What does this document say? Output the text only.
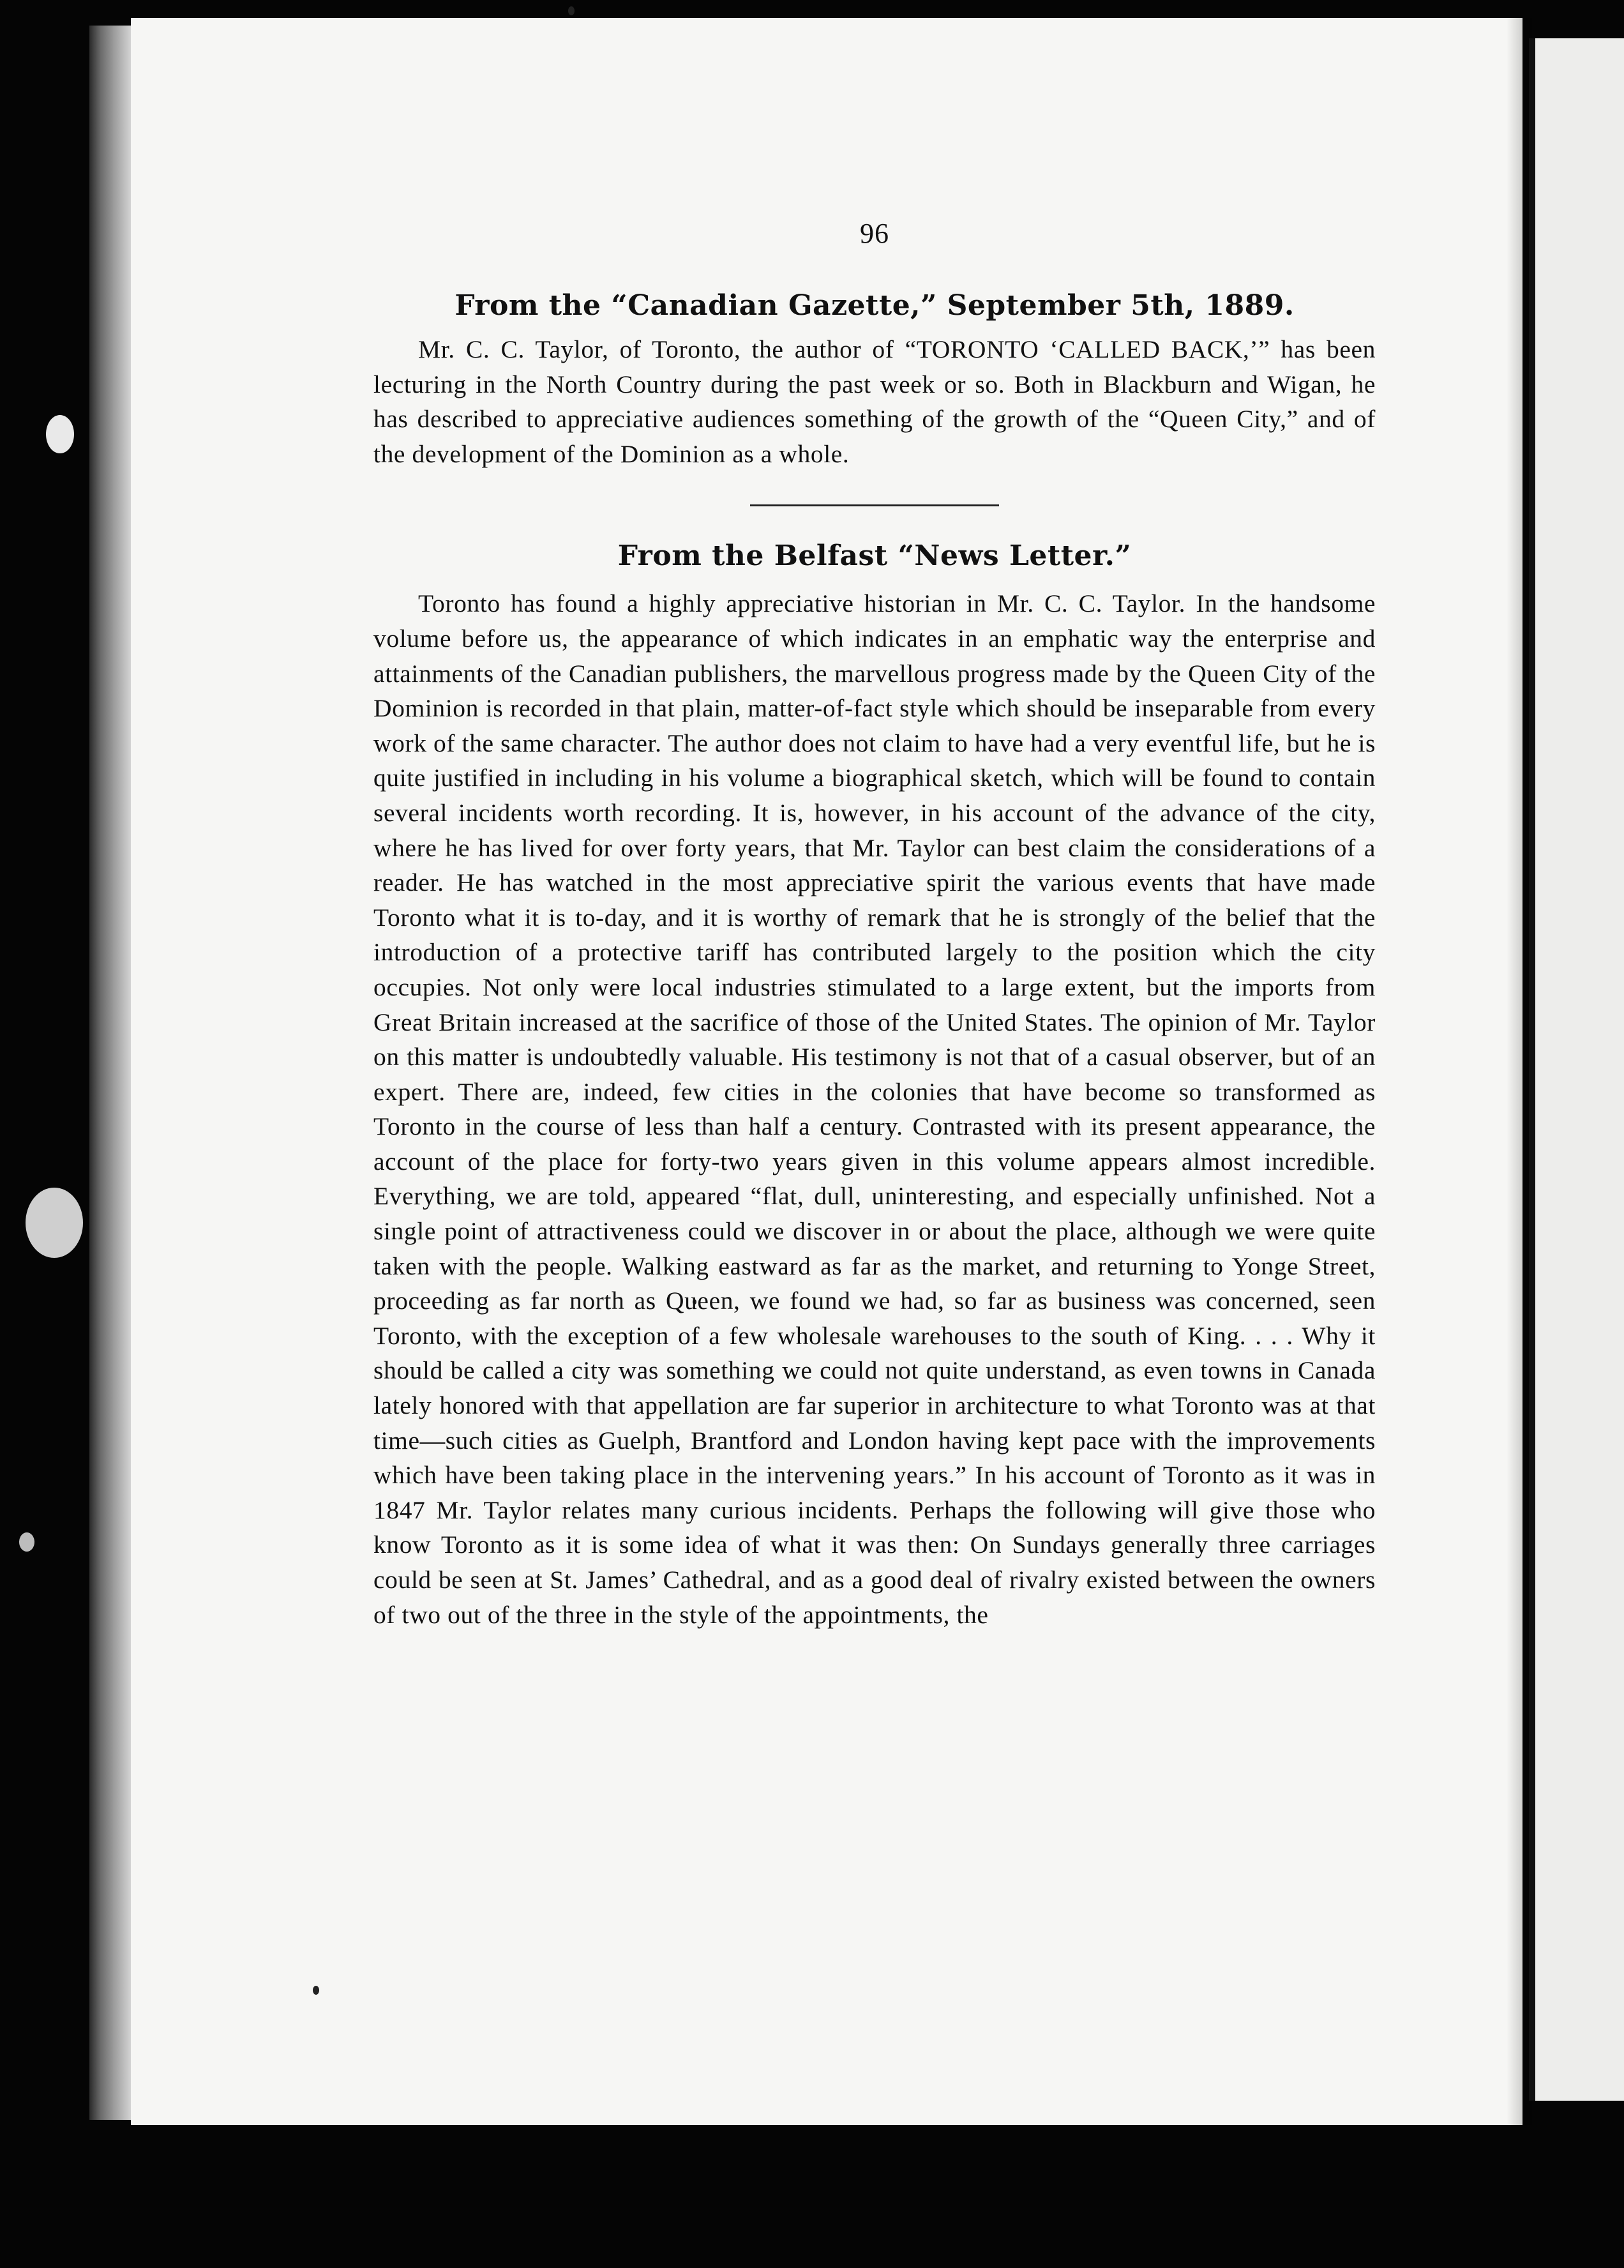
96
From the “Canadian Gazette,” September 5th, 1889.

Mr. C. C. Taylor, of Toronto, the author of “TORONTO ‘CALLED BACK,’” has been lecturing in the North Country during the past week or so. Both in Blackburn and Wigan, he has described to appreciative audiences something of the growth of the “Queen City,” and of the development of the Dominion as a whole.

From the Belfast “News Letter.”

Toronto has found a highly appreciative historian in Mr. C. C. Taylor. In the handsome volume before us, the appearance of which indicates in an emphatic way the enterprise and attainments of the Canadian publishers, the marvellous progress made by the Queen City of the Dominion is recorded in that plain, matter-of-fact style which should be inseparable from every work of the same character. The author does not claim to have had a very eventful life, but he is quite justified in including in his volume a biographical sketch, which will be found to contain several incidents worth recording. It is, however, in his account of the advance of the city, where he has lived for over forty years, that Mr. Taylor can best claim the considerations of a reader. He has watched in the most appreciative spirit the various events that have made Toronto what it is to-day, and it is worthy of remark that he is strongly of the belief that the introduction of a protective tariff has contributed largely to the position which the city occupies. Not only were local industries stimulated to a large extent, but the imports from Great Britain increased at the sacrifice of those of the United States. The opinion of Mr. Taylor on this matter is undoubtedly valuable. His testimony is not that of a casual observer, but of an expert. There are, indeed, few cities in the colonies that have become so transformed as Toronto in the course of less than half a century. Contrasted with its present appearance, the account of the place for forty-two years given in this volume appears almost incredible. Everything, we are told, appeared “flat, dull, uninteresting, and especially unfinished. Not a single point of attractiveness could we discover in or about the place, although we were quite taken with the people. Walking eastward as far as the market, and returning to Yonge Street, proceeding as far north as Queen, we found we had, so far as business was concerned, seen Toronto, with the exception of a few wholesale warehouses to the south of King. . . . Why it should be called a city was something we could not quite understand, as even towns in Canada lately honored with that appellation are far superior in architecture to what Toronto was at that time—such cities as Guelph, Brantford and London having kept pace with the improvements which have been taking place in the intervening years.” In his account of Toronto as it was in 1847 Mr. Taylor relates many curious incidents. Perhaps the following will give those who know Toronto as it is some idea of what it was then: On Sundays generally three carriages could be seen at St. James’ Cathedral, and as a good deal of rivalry existed between the owners of two out of the three in the style of the appointments, the
